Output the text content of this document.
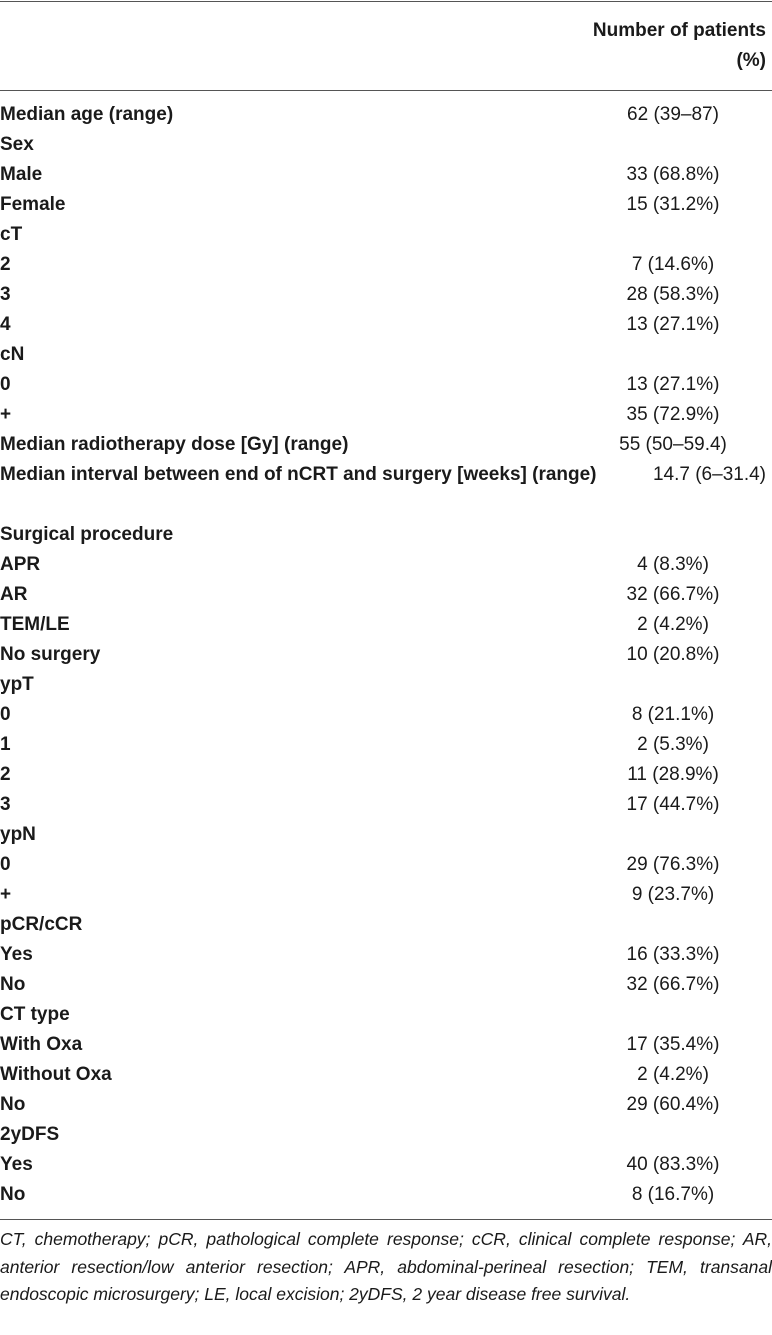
Number of patients (%)
Median age (range)	62 (39–87)
Sex
Male	33 (68.8%)
Female	15 (31.2%)
cT
2	7 (14.6%)
3	28 (58.3%)
4	13 (27.1%)
cN
0	13 (27.1%)
+	35 (72.9%)
Median radiotherapy dose [Gy] (range)	55 (50–59.4)
Median interval between end of nCRT and surgery [weeks] (range)	14.7 (6–31.4)
Surgical procedure
APR	4 (8.3%)
AR	32 (66.7%)
TEM/LE	2 (4.2%)
No surgery	10 (20.8%)
ypT
0	8 (21.1%)
1	2 (5.3%)
2	11 (28.9%)
3	17 (44.7%)
ypN
0	29 (76.3%)
+	9 (23.7%)
pCR/cCR
Yes	16 (33.3%)
No	32 (66.7%)
CT type
With Oxa	17 (35.4%)
Without Oxa	2 (4.2%)
No	29 (60.4%)
2yDFS
Yes	40 (83.3%)
No	8 (16.7%)
CT, chemotherapy; pCR, pathological complete response; cCR, clinical complete response; AR, anterior resection/low anterior resection; APR, abdominal-perineal resection; TEM, transanal endoscopic microsurgery; LE, local excision; 2yDFS, 2 year disease free survival.
